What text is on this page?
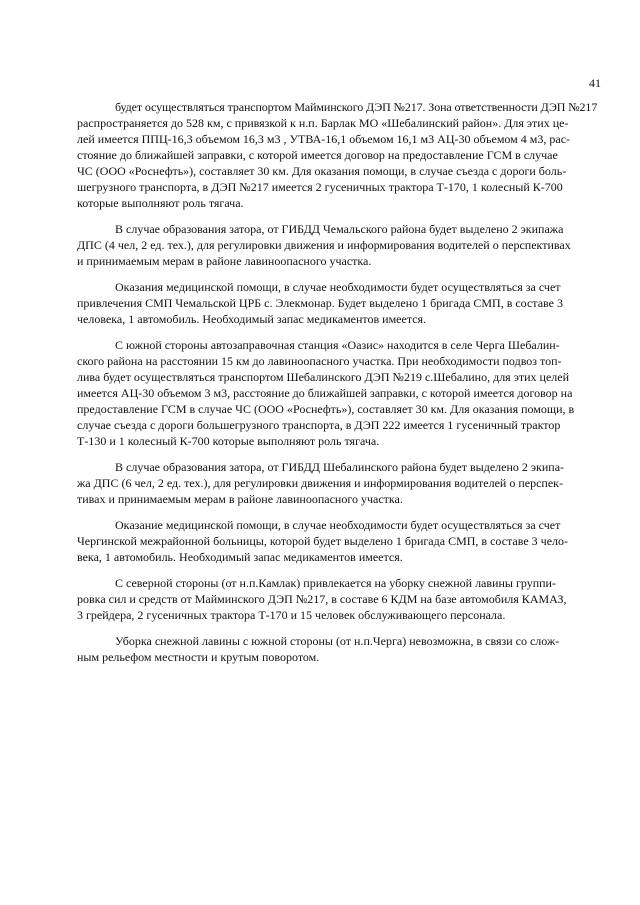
41
будет осуществляться транспортом Майминского ДЭП №217. Зона ответственности ДЭП №217
распространяется до 528 км, с привязкой к н.п. Барлак МО «Шебалинский район». Для этих це-
лей имеется ППЦ-16,3 объемом 16,3 м3 , УТВА-16,1 объемом 16,1 м3 АЦ-30 объемом 4 м3, рас-
стояние до ближайшей заправки, с которой имеется договор на предоставление ГСМ в случае
ЧС (ООО «Роснефть»), составляет 30 км. Для оказания помощи, в случае съезда с дороги боль-
шегрузного транспорта, в ДЭП №217 имеется 2 гусеничных трактора Т-170, 1 колесный К-700
которые выполняют роль тягача.
В случае образования затора, от ГИБДД Чемальского района будет выделено 2 экипажа
ДПС (4 чел, 2 ед. тех.), для регулировки движения и информирования водителей о перспективах
и принимаемым мерам в районе лавиноопасного участка.
Оказания медицинской помощи, в случае необходимости будет осуществляться за счет
привлечения СМП Чемальской ЦРБ с. Элекмонар. Будет выделено 1 бригада СМП, в составе 3
человека, 1 автомобиль. Необходимый запас медикаментов имеется.
С южной стороны автозаправочная станция «Оазис» находится в селе Черга Шебалин-
ского района на расстоянии 15 км до лавиноопасного участка. При необходимости подвоз топ-
лива будет осуществляться транспортом Шебалинского ДЭП №219 с.Шебалино, для этих целей
имеется АЦ-30 объемом 3 м3, расстояние до ближайшей заправки, с которой имеется договор на
предоставление ГСМ в случае ЧС (ООО «Роснефть»), составляет 30 км. Для оказания помощи, в
случае съезда с дороги большегрузного транспорта, в ДЭП 222 имеется 1 гусеничный трактор
Т-130 и 1 колесный К-700 которые выполняют роль тягача.
В случае образования затора, от ГИБДД Шебалинского района будет выделено 2 экипа-
жа ДПС (6 чел, 2 ед. тех.), для регулировки движения и информирования водителей о перспек-
тивах и принимаемым мерам в районе лавиноопасного участка.
Оказание медицинской помощи, в случае необходимости будет осуществляться за счет
Чергинской межрайонной больницы, которой будет выделено 1 бригада СМП, в составе 3 чело-
века, 1 автомобиль. Необходимый запас медикаментов имеется.
С северной стороны (от н.п.Камлак) привлекается на уборку снежной лавины группи-
ровка сил и средств от Майминского ДЭП №217, в составе 6 КДМ на базе автомобиля КАМАЗ,
3 грейдера, 2 гусеничных трактора Т-170 и 15 человек обслуживающего персонала.
Уборка снежной лавины с южной стороны (от н.п.Черга) невозможна, в связи со слож-
ным рельефом местности и крутым поворотом.
